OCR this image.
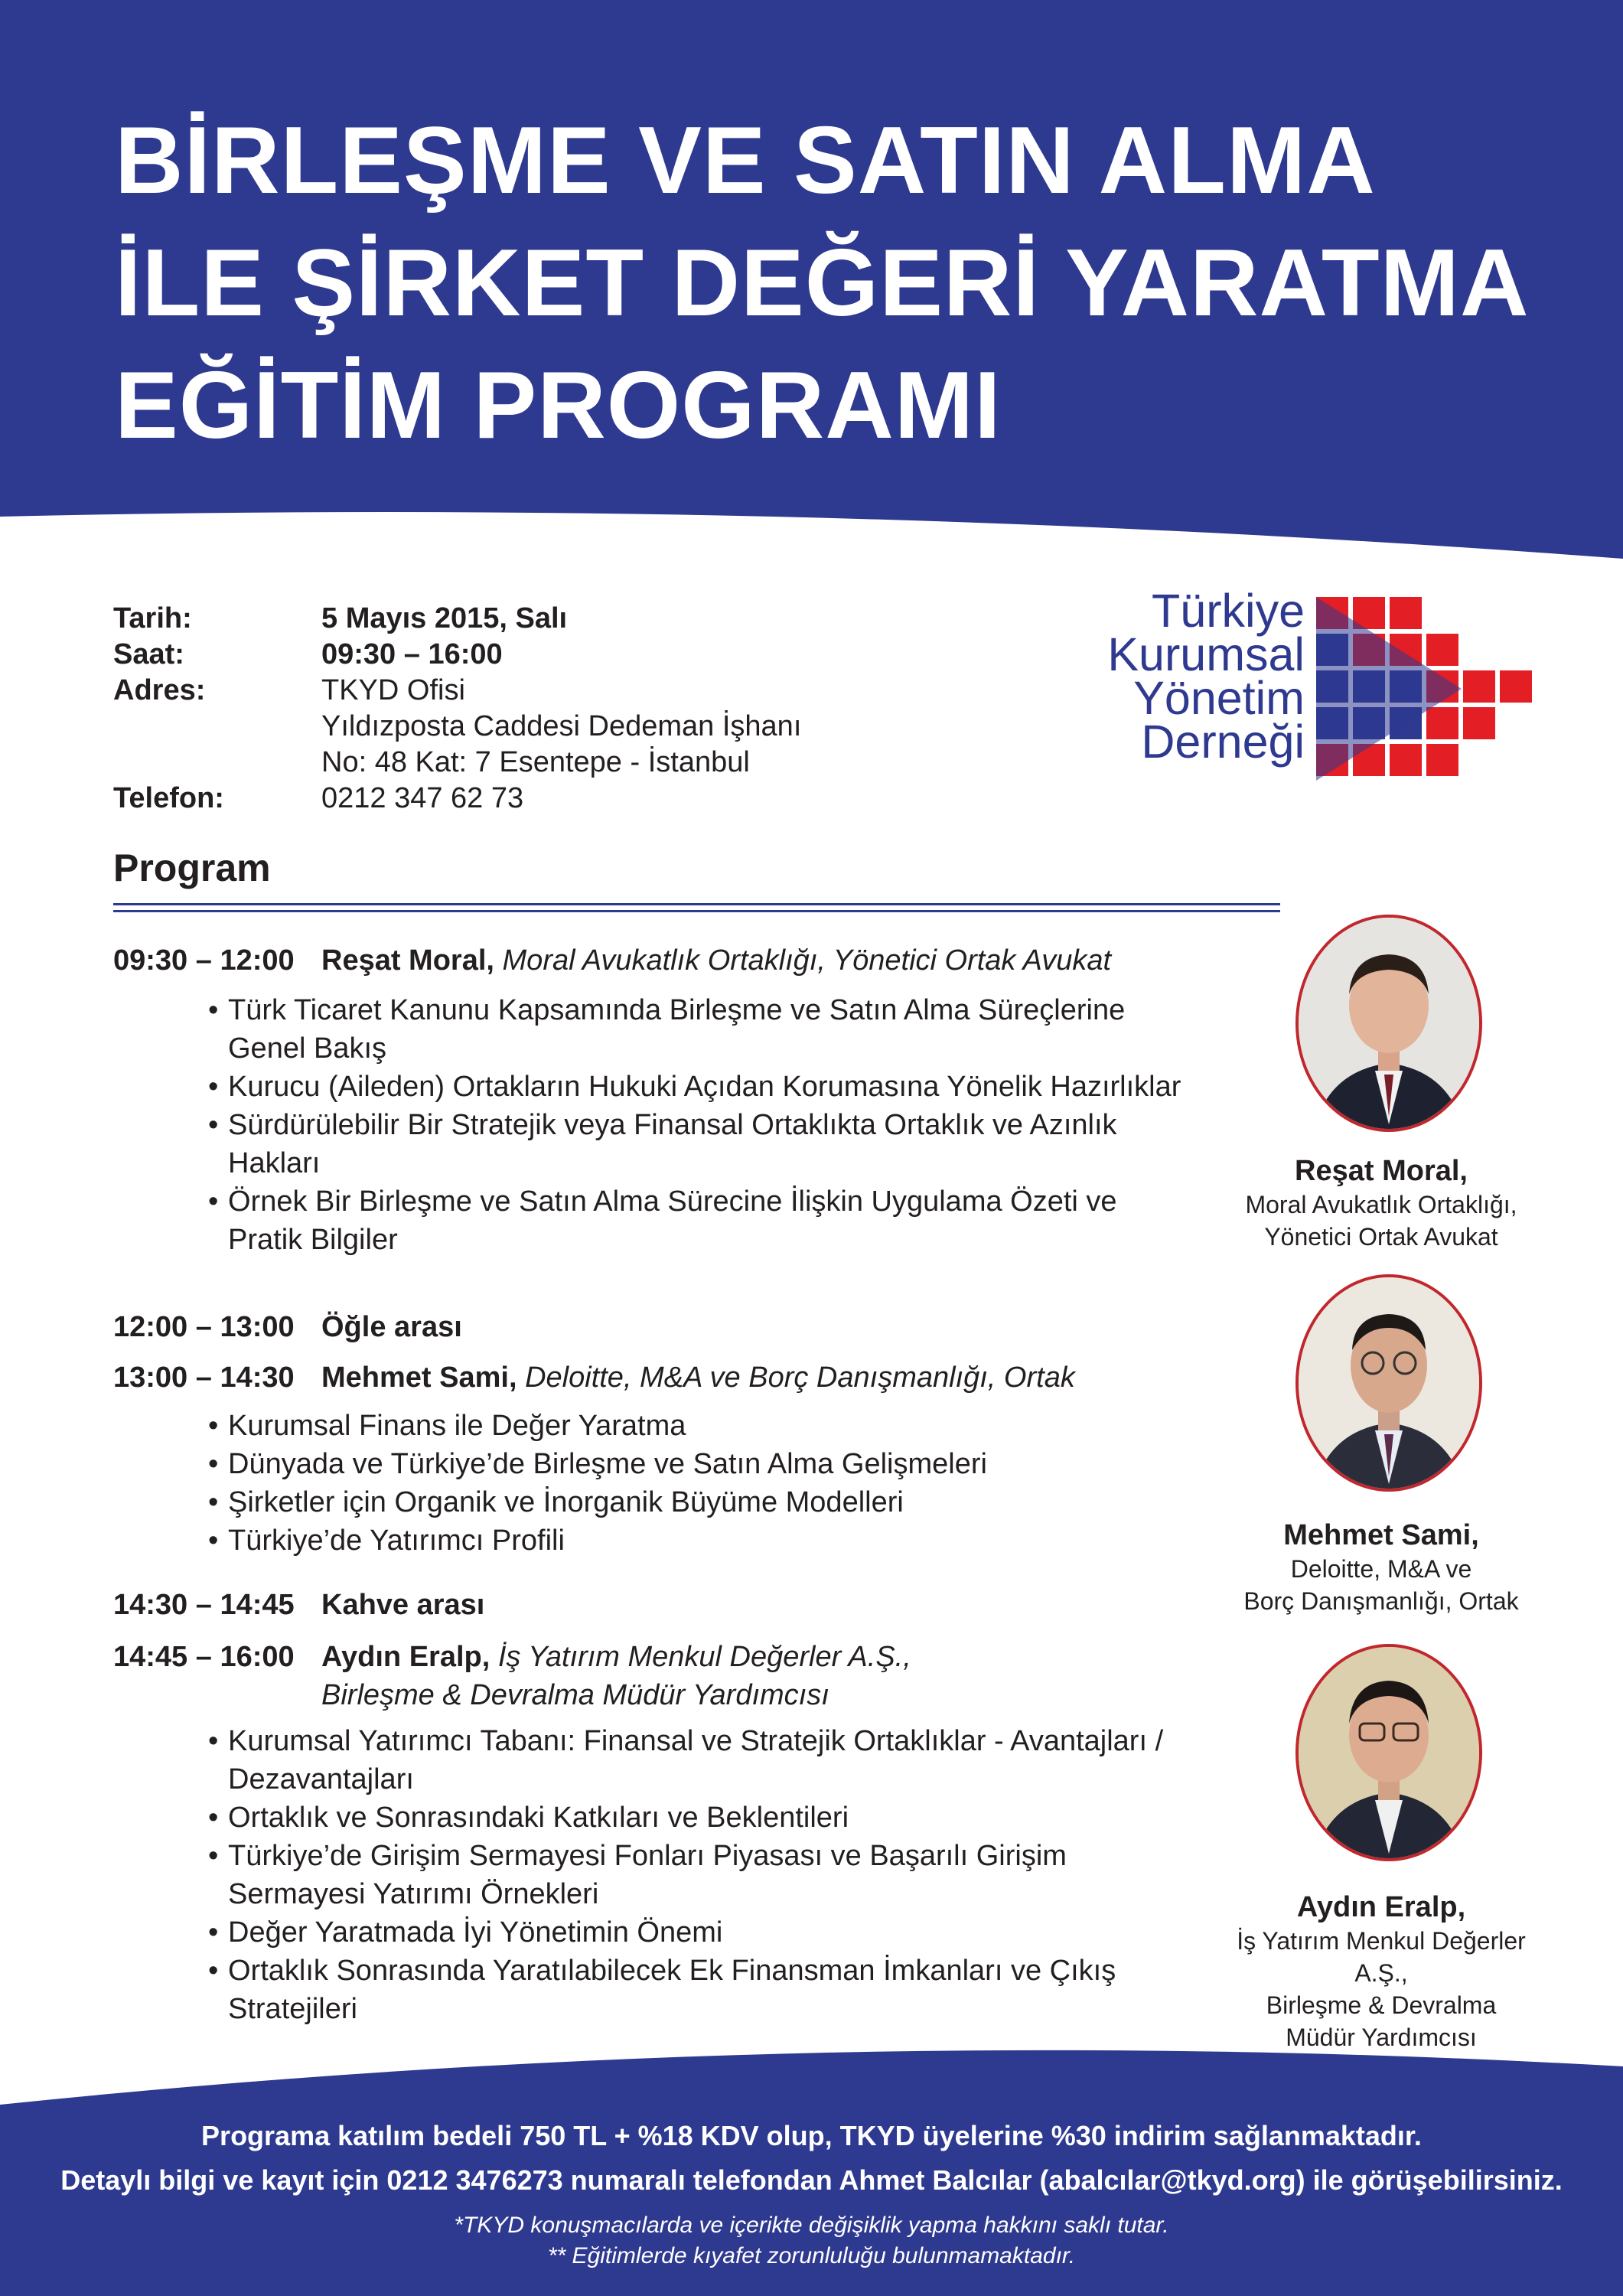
BİRLEŞME VE SATIN ALMA
İLE ŞİRKET DEĞERİ YARATMA
EĞİTİM PROGRAMI
Tarih:	5 Mayıs 2015, Salı
Saat:	09:30 – 16:00
Adres:	TKYD Ofisi
Yıldızposta Caddesi Dedeman İşhanı
No: 48 Kat: 7 Esentepe - İstanbul
Telefon:	0212 347 62 73
Türkiye
Kurumsal
Yönetim
Derneği
Program
09:30 – 12:00 Reşat Moral, Moral Avukatlık Ortaklığı, Yönetici Ortak Avukat
• Türk Ticaret Kanunu Kapsamında Birleşme ve Satın Alma Süreçlerine Genel Bakış
• Kurucu (Aileden) Ortakların Hukuki Açıdan Korumasına Yönelik Hazırlıklar
• Sürdürülebilir Bir Stratejik veya Finansal Ortaklıkta Ortaklık ve Azınlık Hakları
• Örnek Bir Birleşme ve Satın Alma Sürecine İlişkin Uygulama Özeti ve Pratik Bilgiler
12:00 – 13:00 Öğle arası
13:00 – 14:30 Mehmet Sami, Deloitte, M&A ve Borç Danışmanlığı, Ortak
• Kurumsal Finans ile Değer Yaratma
• Dünyada ve Türkiye’de Birleşme ve Satın Alma Gelişmeleri
• Şirketler için Organik ve İnorganik Büyüme Modelleri
• Türkiye’de Yatırımcı Profili
14:30 – 14:45 Kahve arası
14:45 – 16:00 Aydın Eralp, İş Yatırım Menkul Değerler A.Ş.,
Birleşme & Devralma Müdür Yardımcısı
• Kurumsal Yatırımcı Tabanı: Finansal ve Stratejik Ortaklıklar - Avantajları / Dezavantajları
• Ortaklık ve Sonrasındaki Katkıları ve Beklentileri
• Türkiye’de Girişim Sermayesi Fonları Piyasası ve Başarılı Girişim Sermayesi Yatırımı Örnekleri
• Değer Yaratmada İyi Yönetimin Önemi
• Ortaklık Sonrasında Yaratılabilecek Ek Finansman İmkanları ve Çıkış Stratejileri
Reşat Moral,
Moral Avukatlık Ortaklığı,
Yönetici Ortak Avukat
Mehmet Sami,
Deloitte, M&A ve
Borç Danışmanlığı, Ortak
Aydın Eralp,
İş Yatırım Menkul Değerler A.Ş.,
Birleşme & Devralma
Müdür Yardımcısı
Programa katılım bedeli 750 TL + %18 KDV olup, TKYD üyelerine %30 indirim sağlanmaktadır.
Detaylı bilgi ve kayıt için 0212 3476273 numaralı telefondan Ahmet Balcılar (abalcılar@tkyd.org) ile görüşebilirsiniz.
*TKYD konuşmacılarda ve içerikte değişiklik yapma hakkını saklı tutar.
** Eğitimlerde kıyafet zorunluluğu bulunmamaktadır.
